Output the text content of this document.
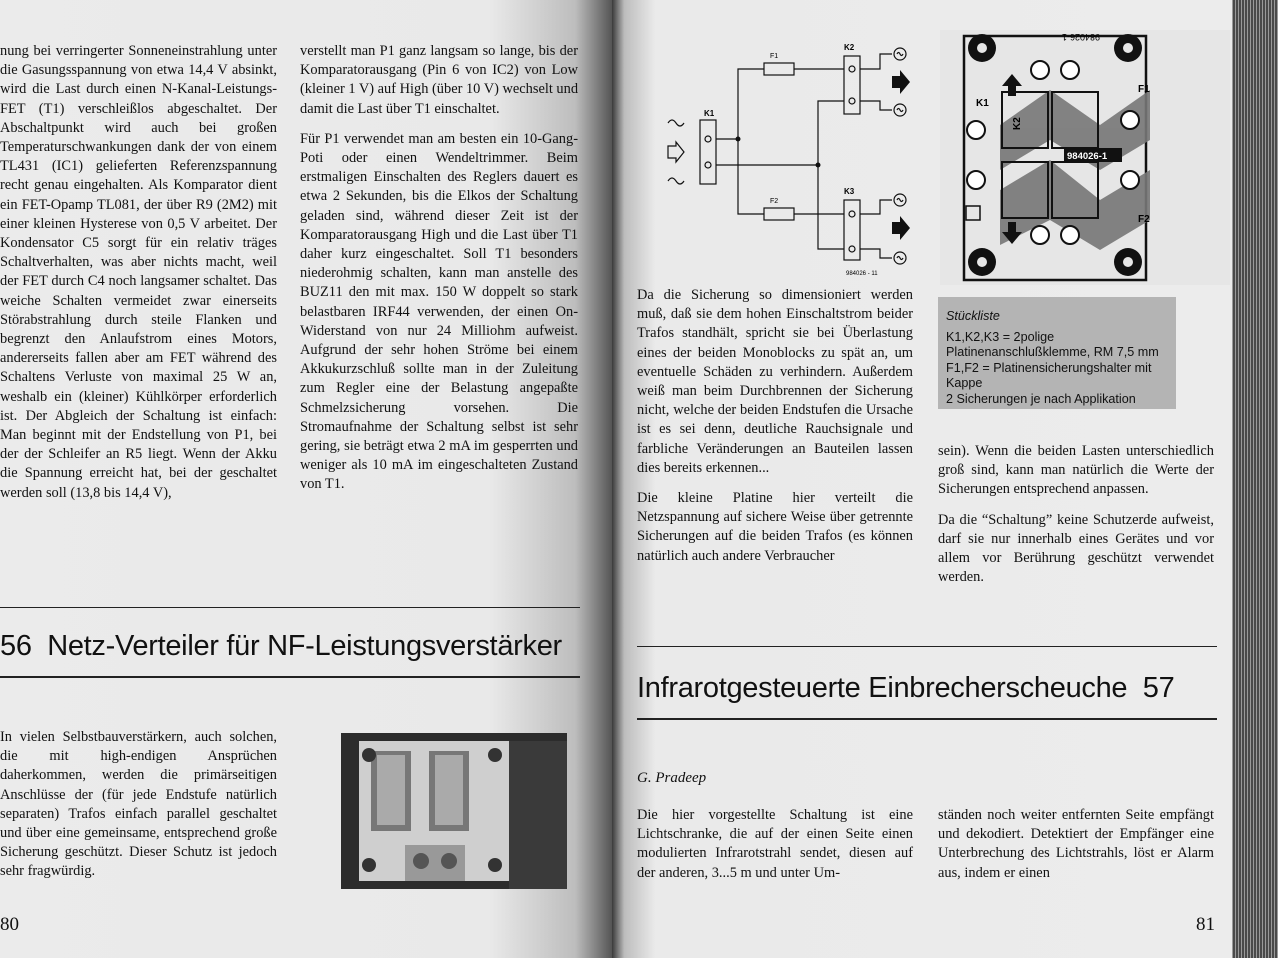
nung bei verringerter Sonneneinstrahlung unter die Gasungsspannung von etwa 14,4 V absinkt, wird die Last durch einen N-Kanal-Leistungs-FET (T1) verschleißlos abgeschaltet. Der Abschaltpunkt wird auch bei großen Temperaturschwankungen dank der von einem TL431 (IC1) gelieferten Referenzspannung recht genau eingehalten. Als Komparator dient ein FET-Opamp TL081, der über R9 (2M2) mit einer kleinen Hysterese von 0,5 V arbeitet. Der Kondensator C5 sorgt für ein relativ träges Schaltverhalten, was aber nichts macht, weil der FET durch C4 noch langsamer schaltet. Das weiche Schalten vermeidet zwar einerseits Störabstrahlung durch steile Flanken und begrenzt den Anlaufstrom eines Motors, andererseits fallen aber am FET während des Schaltens Verluste von maximal 25 W an, weshalb ein (kleiner) Kühlkörper erforderlich ist. Der Abgleich der Schaltung ist einfach: Man beginnt mit der Endstellung von P1, bei der der Schleifer an R5 liegt. Wenn der Akku die Spannung erreicht hat, bei der geschaltet werden soll (13,8 bis 14,4 V),

verstellt man P1 ganz langsam so lange, bis der Komparatorausgang (Pin 6 von IC2) von Low (kleiner 1 V) auf High (über 10 V) wechselt und damit die Last über T1 einschaltet.

Für P1 verwendet man am besten ein 10-Gang-Poti oder einen Wendeltrimmer. Beim erstmaligen Einschalten des Reglers dauert es etwa 2 Sekunden, bis die Elkos der Schaltung geladen sind, während dieser Zeit ist der Komparatorausgang High und die Last über T1 daher kurz eingeschaltet. Soll T1 besonders niederohmig schalten, kann man anstelle des BUZ11 den mit max. 150 W doppelt so stark belastbaren IRF44 verwenden, der einen On-Widerstand von nur 24 Milliohm aufweist. Aufgrund der sehr hohen Ströme bei einem Akkukurzschluß sollte man in der Zuleitung zum Regler eine der Belastung angepaßte Schmelzsicherung vorsehen. Die Stromaufnahme der Schaltung selbst ist sehr gering, sie beträgt etwa 2 mA im gesperrten und weniger als 10 mA im eingeschalteten Zustand von T1.

56 Netz-Verteiler für NF-Leistungsverstärker

In vielen Selbstbauverstärkern, auch solchen, die mit high-endigen Ansprüchen daherkommen, werden die primärseitigen Anschlüsse der (für jede Endstufe natürlich separaten) Trafos einfach parallel geschaltet und über eine gemeinsame, entsprechend große Sicherung geschützt. Dieser Schutz ist jedoch sehr fragwürdig.

80
K1
K2
K3
F1
F2
984026 - 11
K1
K2
F1
F2
984026-1
984026-1

Da die Sicherung so dimensioniert werden muß, daß sie dem hohen Einschaltstrom beider Trafos standhält, spricht sie bei Überlastung eines der beiden Monoblocks zu spät an, um eventuelle Schäden zu verhindern. Außerdem weiß man beim Durchbrennen der Sicherung nicht, welche der beiden Endstufen die Ursache ist es sei denn, deutliche Rauchsignale und farbliche Veränderungen an Bauteilen lassen dies bereits erkennen...

Die kleine Platine hier verteilt die Netzspannung auf sichere Weise über getrennte Sicherungen auf die beiden Trafos (es können natürlich auch andere Verbraucher

Stückliste
K1,K2,K3 = 2polige
Platinenanschlußklemme, RM 7,5 mm
F1,F2 = Platinensicherungshalter mit
Kappe
2 Sicherungen je nach Applikation

sein). Wenn die beiden Lasten unterschiedlich groß sind, kann man natürlich die Werte der Sicherungen entsprechend anpassen.

Da die “Schaltung” keine Schutzerde aufweist, darf sie nur innerhalb eines Gerätes und vor allem vor Berührung geschützt verwendet werden.

Infrarotgesteuerte Einbrecherscheuche 57
G. Pradeep

Die hier vorgestellte Schaltung ist eine Lichtschranke, die auf der einen Seite einen modulierten Infrarotstrahl sendet, diesen auf der anderen, 3...5 m und unter Um-

ständen noch weiter entfernten Seite empfängt und dekodiert. Detektiert der Empfänger eine Unterbrechung des Lichtstrahls, löst er Alarm aus, indem er einen

81
